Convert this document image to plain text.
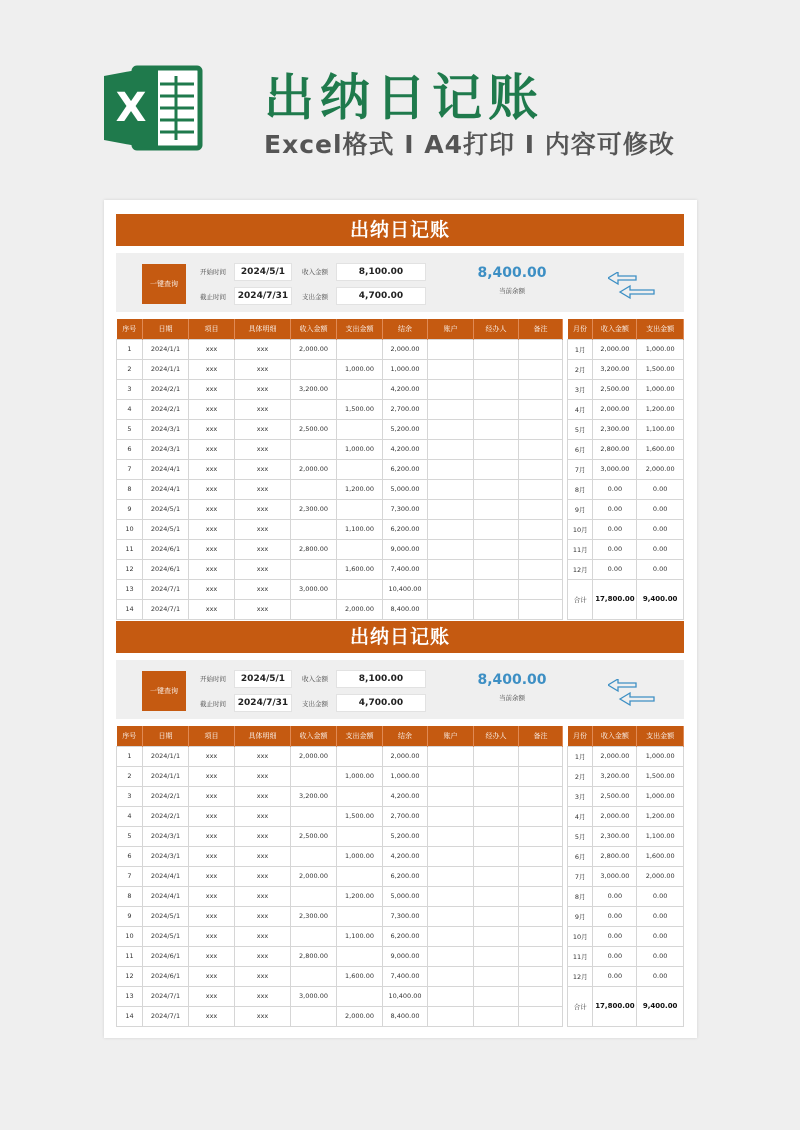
X 出纳日记账
Excel格式 I A4打印 I 内容可修改
出纳日记账
一键查询
开始时间	2024/5/1
截止时间	2024/7/31
收入金额	8,100.00
支出金额	4,700.00
8,400.00
当前余额
序号	日期	项目	具体明细	收入金额	支出金额	结余	账户	经办人	备注
1	2024/1/1	xxx	xxx	2,000.00		2,000.00			
2	2024/1/1	xxx	xxx		1,000.00	1,000.00			
3	2024/2/1	xxx	xxx	3,200.00		4,200.00			
4	2024/2/1	xxx	xxx		1,500.00	2,700.00			
5	2024/3/1	xxx	xxx	2,500.00		5,200.00			
6	2024/3/1	xxx	xxx		1,000.00	4,200.00			
7	2024/4/1	xxx	xxx	2,000.00		6,200.00			
8	2024/4/1	xxx	xxx		1,200.00	5,000.00			
9	2024/5/1	xxx	xxx	2,300.00		7,300.00			
10	2024/5/1	xxx	xxx		1,100.00	6,200.00			
11	2024/6/1	xxx	xxx	2,800.00		9,000.00			
12	2024/6/1	xxx	xxx		1,600.00	7,400.00			
13	2024/7/1	xxx	xxx	3,000.00		10,400.00			
14	2024/7/1	xxx	xxx		2,000.00	8,400.00			
月份	收入金额	支出金额
1月	2,000.00	1,000.00
2月	3,200.00	1,500.00
3月	2,500.00	1,000.00
4月	2,000.00	1,200.00
5月	2,300.00	1,100.00
6月	2,800.00	1,600.00
7月	3,000.00	2,000.00
8月	0.00	0.00
9月	0.00	0.00
10月	0.00	0.00
11月	0.00	0.00
12月	0.00	0.00
合计	17,800.00	9,400.00
出纳日记账
一键查询
开始时间	2024/5/1
截止时间	2024/7/31
收入金额	8,100.00
支出金额	4,700.00
8,400.00
当前余额
序号	日期	项目	具体明细	收入金额	支出金额	结余	账户	经办人	备注
1	2024/1/1	xxx	xxx	2,000.00		2,000.00			
2	2024/1/1	xxx	xxx		1,000.00	1,000.00			
3	2024/2/1	xxx	xxx	3,200.00		4,200.00			
4	2024/2/1	xxx	xxx		1,500.00	2,700.00			
5	2024/3/1	xxx	xxx	2,500.00		5,200.00			
6	2024/3/1	xxx	xxx		1,000.00	4,200.00			
7	2024/4/1	xxx	xxx	2,000.00		6,200.00			
8	2024/4/1	xxx	xxx		1,200.00	5,000.00			
9	2024/5/1	xxx	xxx	2,300.00		7,300.00			
10	2024/5/1	xxx	xxx		1,100.00	6,200.00			
11	2024/6/1	xxx	xxx	2,800.00		9,000.00			
12	2024/6/1	xxx	xxx		1,600.00	7,400.00			
13	2024/7/1	xxx	xxx	3,000.00		10,400.00			
14	2024/7/1	xxx	xxx		2,000.00	8,400.00			
月份	收入金额	支出金额
1月	2,000.00	1,000.00
2月	3,200.00	1,500.00
3月	2,500.00	1,000.00
4月	2,000.00	1,200.00
5月	2,300.00	1,100.00
6月	2,800.00	1,600.00
7月	3,000.00	2,000.00
8月	0.00	0.00
9月	0.00	0.00
10月	0.00	0.00
11月	0.00	0.00
12月	0.00	0.00
合计	17,800.00	9,400.00
